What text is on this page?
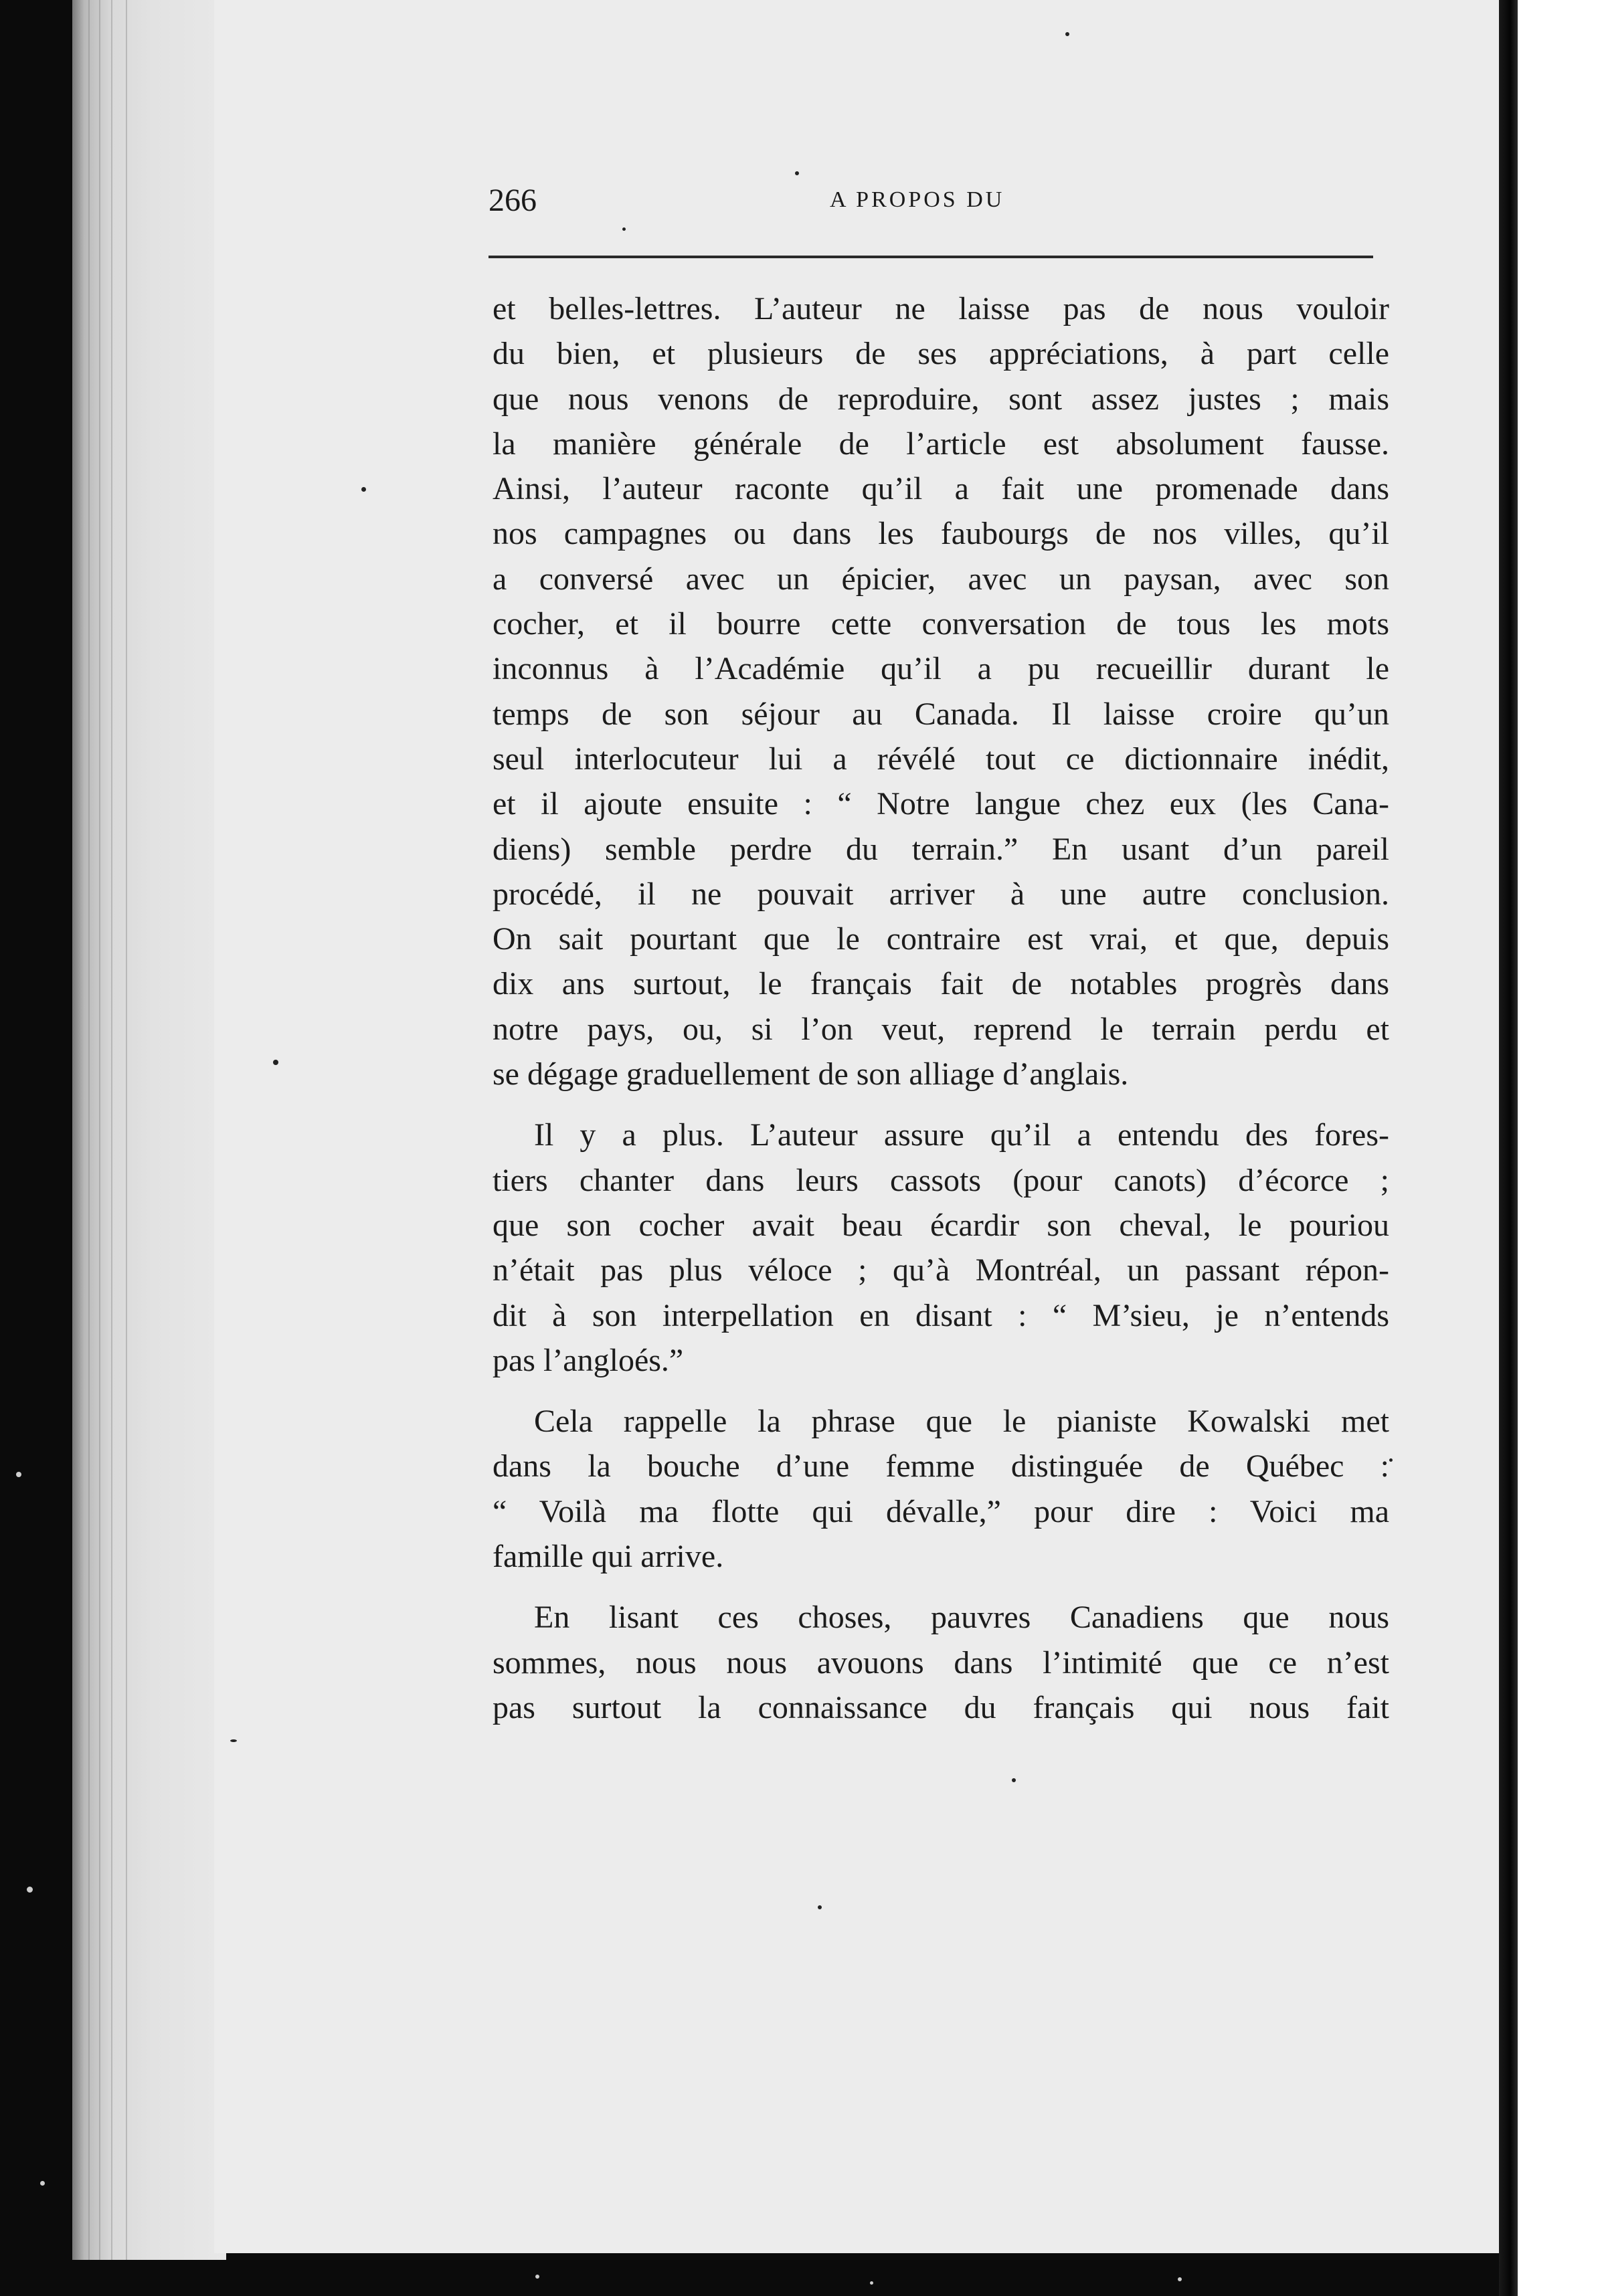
266	A PROPOS DU
et belles-lettres. L’auteur ne laisse pas de nous vouloir
du bien, et plusieurs de ses appréciations, à part celle
que nous venons de reproduire, sont assez justes ; mais
la manière générale de l’article est absolument fausse.
Ainsi, l’auteur raconte qu’il a fait une promenade dans
nos campagnes ou dans les faubourgs de nos villes, qu’il
a conversé avec un épicier, avec un paysan, avec son
cocher, et il bourre cette conversation de tous les mots
inconnus à l’Académie qu’il a pu recueillir durant le
temps de son séjour au Canada. Il laisse croire qu’un
seul interlocuteur lui a révélé tout ce dictionnaire inédit,
et il ajoute ensuite : “ Notre langue chez eux (les Cana-
diens) semble perdre du terrain.” En usant d’un pareil
procédé, il ne pouvait arriver à une autre conclusion.
On sait pourtant que le contraire est vrai, et que, depuis
dix ans surtout, le français fait de notables progrès dans
notre pays, ou, si l’on veut, reprend le terrain perdu et
se dégage graduellement de son alliage d’anglais.
Il y a plus. L’auteur assure qu’il a entendu des fores-
tiers chanter dans leurs cassots (pour canots) d’écorce ;
que son cocher avait beau écardir son cheval, le pouriou
n’était pas plus véloce ; qu’à Montréal, un passant répon-
dit à son interpellation en disant : “ M’sieu, je n’entends
pas l’angloés.”
Cela rappelle la phrase que le pianiste Kowalski met
dans la bouche d’une femme distinguée de Québec :
“ Voilà ma flotte qui dévalle,” pour dire : Voici ma
famille qui arrive.
En lisant ces choses, pauvres Canadiens que nous
sommes, nous nous avouons dans l’intimité que ce n’est
pas surtout la connaissance du français qui nous fait
